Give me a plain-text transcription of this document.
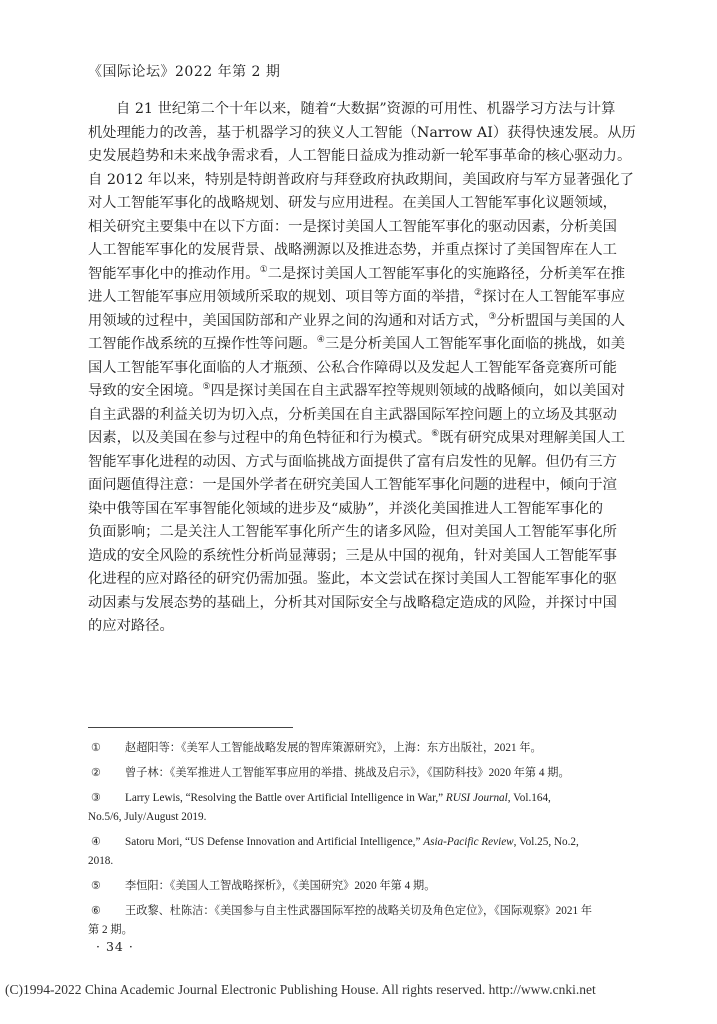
《国际论坛》2022 年第 2 期

自 21 世纪第二个十年以来，随着“大数据”资源的可用性、机器学习方法与计算
机处理能力的改善，基于机器学习的狭义人工智能（Narrow AI）获得快速发展。从历
史发展趋势和未来战争需求看，人工智能日益成为推动新一轮军事革命的核心驱动力。
自 2012 年以来，特别是特朗普政府与拜登政府执政期间，美国政府与军方显著强化了
对人工智能军事化的战略规划、研发与应用进程。在美国人工智能军事化议题领域，
相关研究主要集中在以下方面：一是探讨美国人工智能军事化的驱动因素，分析美国
人工智能军事化的发展背景、战略溯源以及推进态势，并重点探讨了美国智库在人工
智能军事化中的推动作用。①二是探讨美国人工智能军事化的实施路径，分析美军在推
进人工智能军事应用领域所采取的规划、项目等方面的举措，②探讨在人工智能军事应
用领域的过程中，美国国防部和产业界之间的沟通和对话方式，③分析盟国与美国的人
工智能作战系统的互操作性等问题。④三是分析美国人工智能军事化面临的挑战，如美
国人工智能军事化面临的人才瓶颈、公私合作障碍以及发起人工智能军备竞赛所可能
导致的安全困境。⑤四是探讨美国在自主武器军控等规则领域的战略倾向，如以美国对
自主武器的利益关切为切入点，分析美国在自主武器国际军控问题上的立场及其驱动
因素，以及美国在参与过程中的角色特征和行为模式。⑥既有研究成果对理解美国人工
智能军事化进程的动因、方式与面临挑战方面提供了富有启发性的见解。但仍有三方
面问题值得注意：一是国外学者在研究美国人工智能军事化问题的进程中，倾向于渲
染中俄等国在军事智能化领域的进步及“威胁”，并淡化美国推进人工智能军事化的
负面影响；二是关注人工智能军事化所产生的诸多风险，但对美国人工智能军事化所
造成的安全风险的系统性分析尚显薄弱；三是从中国的视角，针对美国人工智能军事
化进程的应对路径的研究仍需加强。鉴此，本文尝试在探讨美国人工智能军事化的驱
动因素与发展态势的基础上，分析其对国际安全与战略稳定造成的风险，并探讨中国
的应对路径。

① 赵超阳等：《美军人工智能战略发展的智库策源研究》，上海：东方出版社，2021 年。
② 曾子林：《美军推进人工智能军事应用的举措、挑战及启示》，《国防科技》2020 年第 4 期。
③ Larry Lewis, “Resolving the Battle over Artificial Intelligence in War,” RUSI Journal, Vol.164,
No.5/6, July/August 2019.
④ Satoru Mori, “US Defense Innovation and Artificial Intelligence,” Asia-Pacific Review, Vol.25, No.2,
2018.
⑤ 李恒阳：《美国人工智战略探析》，《美国研究》2020 年第 4 期。
⑥ 王政黎、杜陈洁：《美国参与自主性武器国际军控的战略关切及角色定位》，《国际观察》2021 年
第 2 期。
· 34 ·
(C)1994-2022 China Academic Journal Electronic Publishing House. All rights reserved. http://www.cnki.net
